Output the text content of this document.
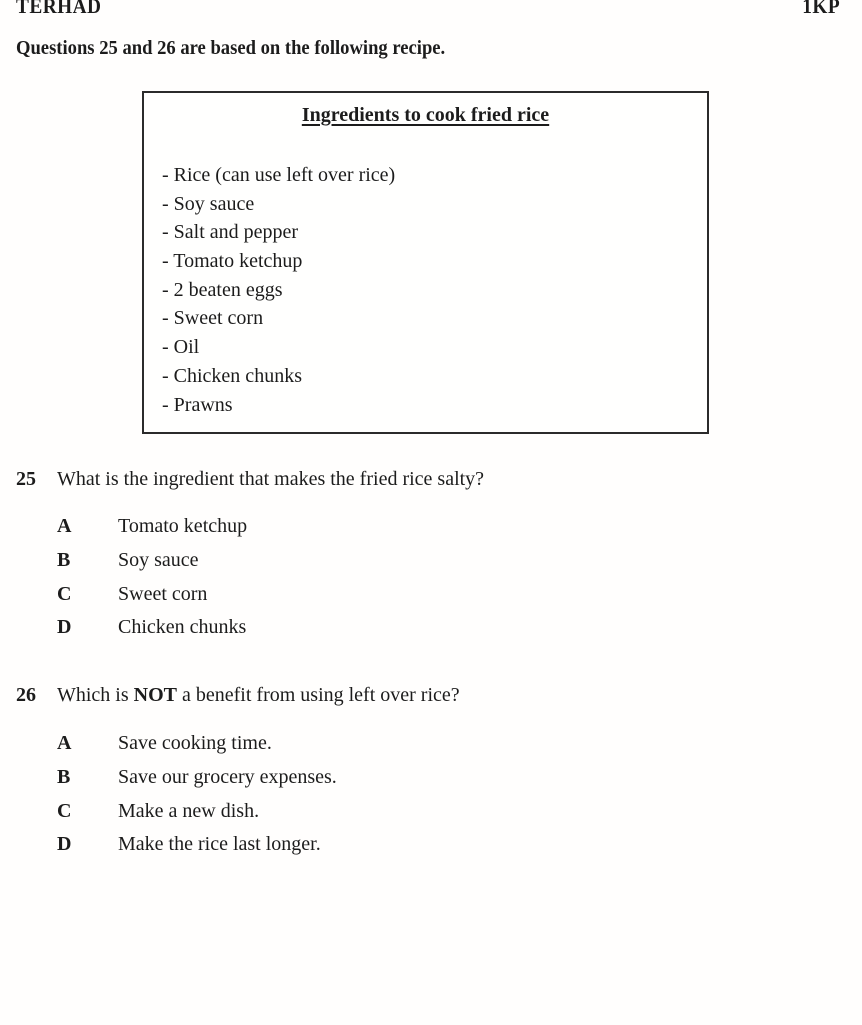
TERHAD	1KP
Questions 25 and 26 are based on the following recipe.
Ingredients to cook fried rice
- Rice (can use left over rice)
- Soy sauce
- Salt and pepper
- Tomato ketchup
- 2 beaten eggs
- Sweet corn
- Oil
- Chicken chunks
- Prawns
25 What is the ingredient that makes the fried rice salty?
A Tomato ketchup
B Soy sauce
C Sweet corn
D Chicken chunks
26 Which is NOT a benefit from using left over rice?
A Save cooking time.
B Save our grocery expenses.
C Make a new dish.
D Make the rice last longer.
